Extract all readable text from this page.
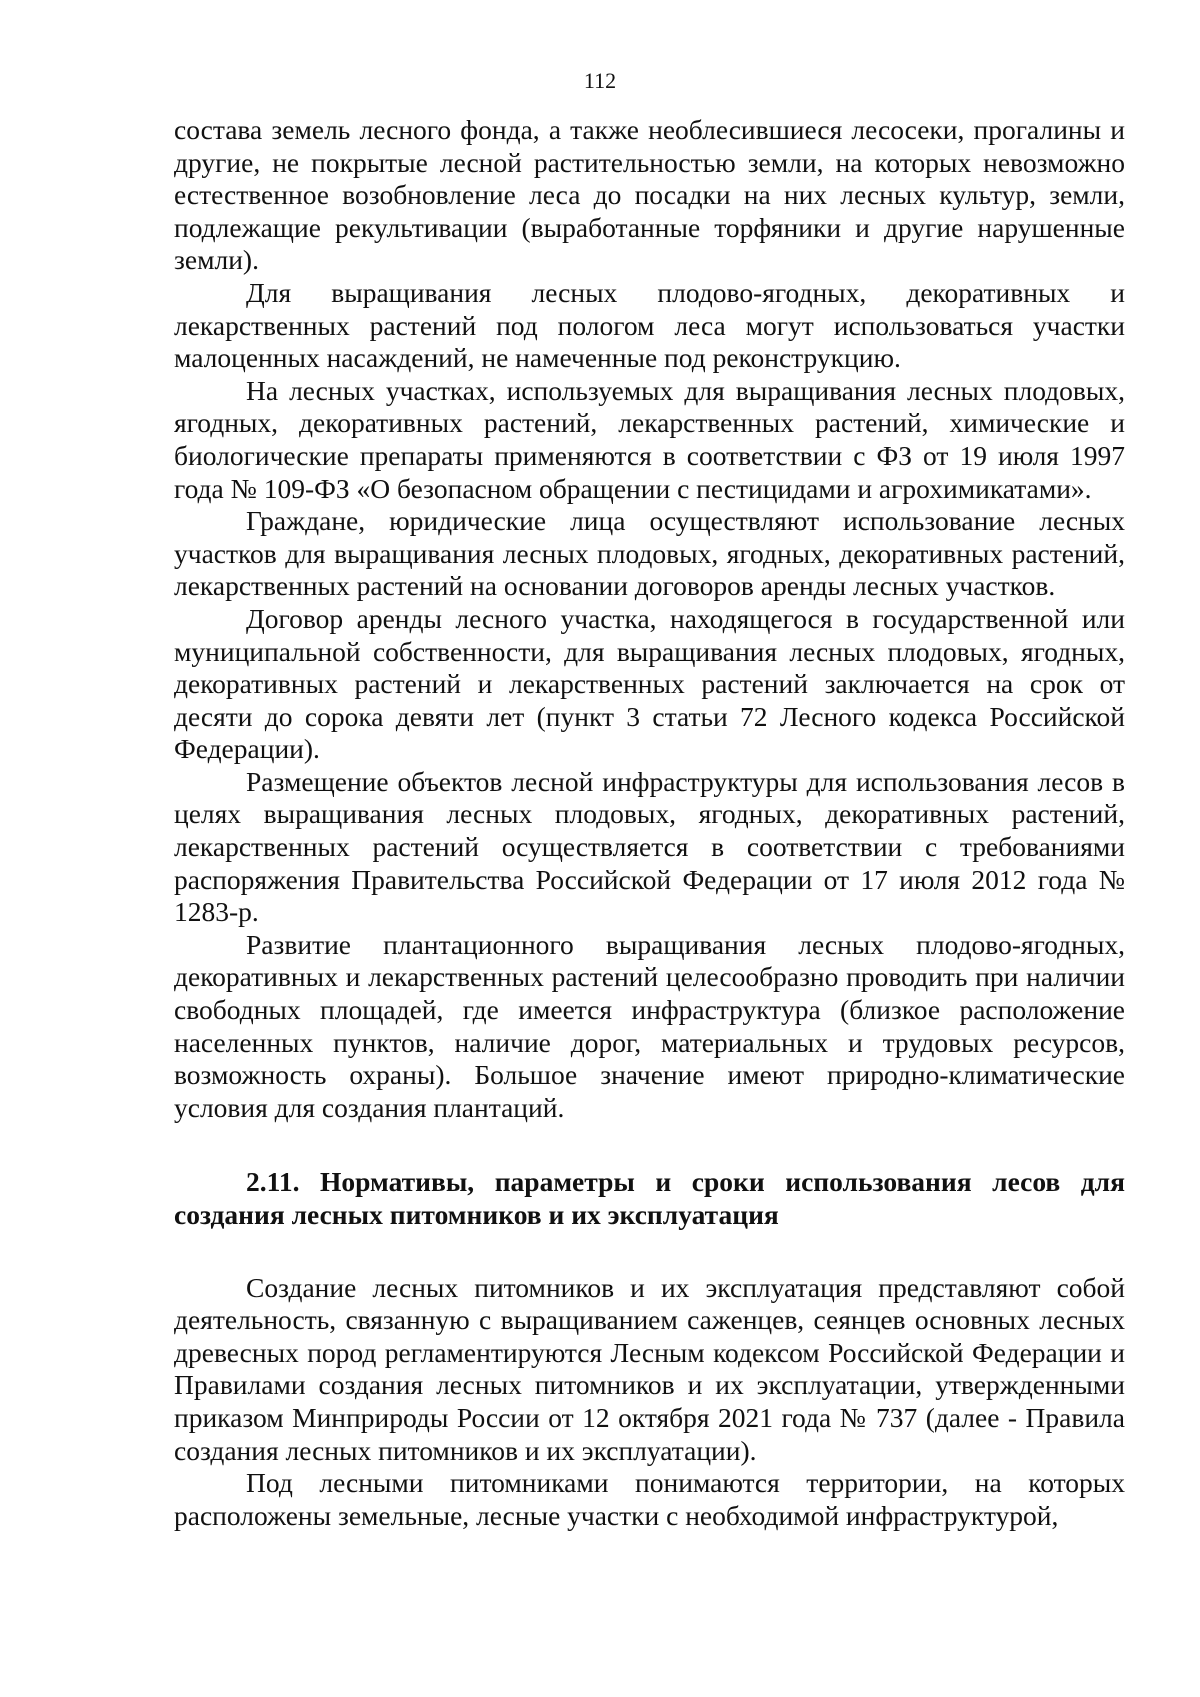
112

состава земель лесного фонда, а также необлесившиеся лесосеки, прогалины и другие, не покрытые лесной растительностью земли, на которых невозможно естественное возобновление леса до посадки на них лесных культур, земли, подлежащие рекультивации (выработанные торфяники и другие нарушенные земли).

Для выращивания лесных плодово-ягодных, декоративных и лекарственных растений под пологом леса могут использоваться участки малоценных насаждений, не намеченные под реконструкцию.

На лесных участках, используемых для выращивания лесных плодовых, ягодных, декоративных растений, лекарственных растений, химические и биологические препараты применяются в соответствии с ФЗ от 19 июля 1997 года № 109-ФЗ «О безопасном обращении с пестицидами и агрохимикатами».

Граждане, юридические лица осуществляют использование лесных участков для выращивания лесных плодовых, ягодных, декоративных растений, лекарственных растений на основании договоров аренды лесных участков.

Договор аренды лесного участка, находящегося в государственной или муниципальной собственности, для выращивания лесных плодовых, ягодных, декоративных растений и лекарственных растений заключается на срок от десяти до сорока девяти лет (пункт 3 статьи 72 Лесного кодекса Российской Федерации).

Размещение объектов лесной инфраструктуры для использования лесов в целях выращивания лесных плодовых, ягодных, декоративных растений, лекарственных растений осуществляется в соответствии с требованиями распоряжения Правительства Российской Федерации от 17 июля 2012 года № 1283-р.

Развитие плантационного выращивания лесных плодово-ягодных, декоративных и лекарственных растений целесообразно проводить при наличии свободных площадей, где имеется инфраструктура (близкое расположение населенных пунктов, наличие дорог, материальных и трудовых ресурсов, возможность охраны). Большое значение имеют природно-климатические условия для создания плантаций.

2.11. Нормативы, параметры и сроки использования лесов для создания лесных питомников и их эксплуатация

Создание лесных питомников и их эксплуатация представляют собой деятельность, связанную с выращиванием саженцев, сеянцев основных лесных древесных пород регламентируются Лесным кодексом Российской Федерации и Правилами создания лесных питомников и их эксплуатации, утвержденными приказом Минприроды России от 12 октября 2021 года № 737 (далее - Правила создания лесных питомников и их эксплуатации).

Под лесными питомниками понимаются территории, на которых расположены земельные, лесные участки с необходимой инфраструктурой,
